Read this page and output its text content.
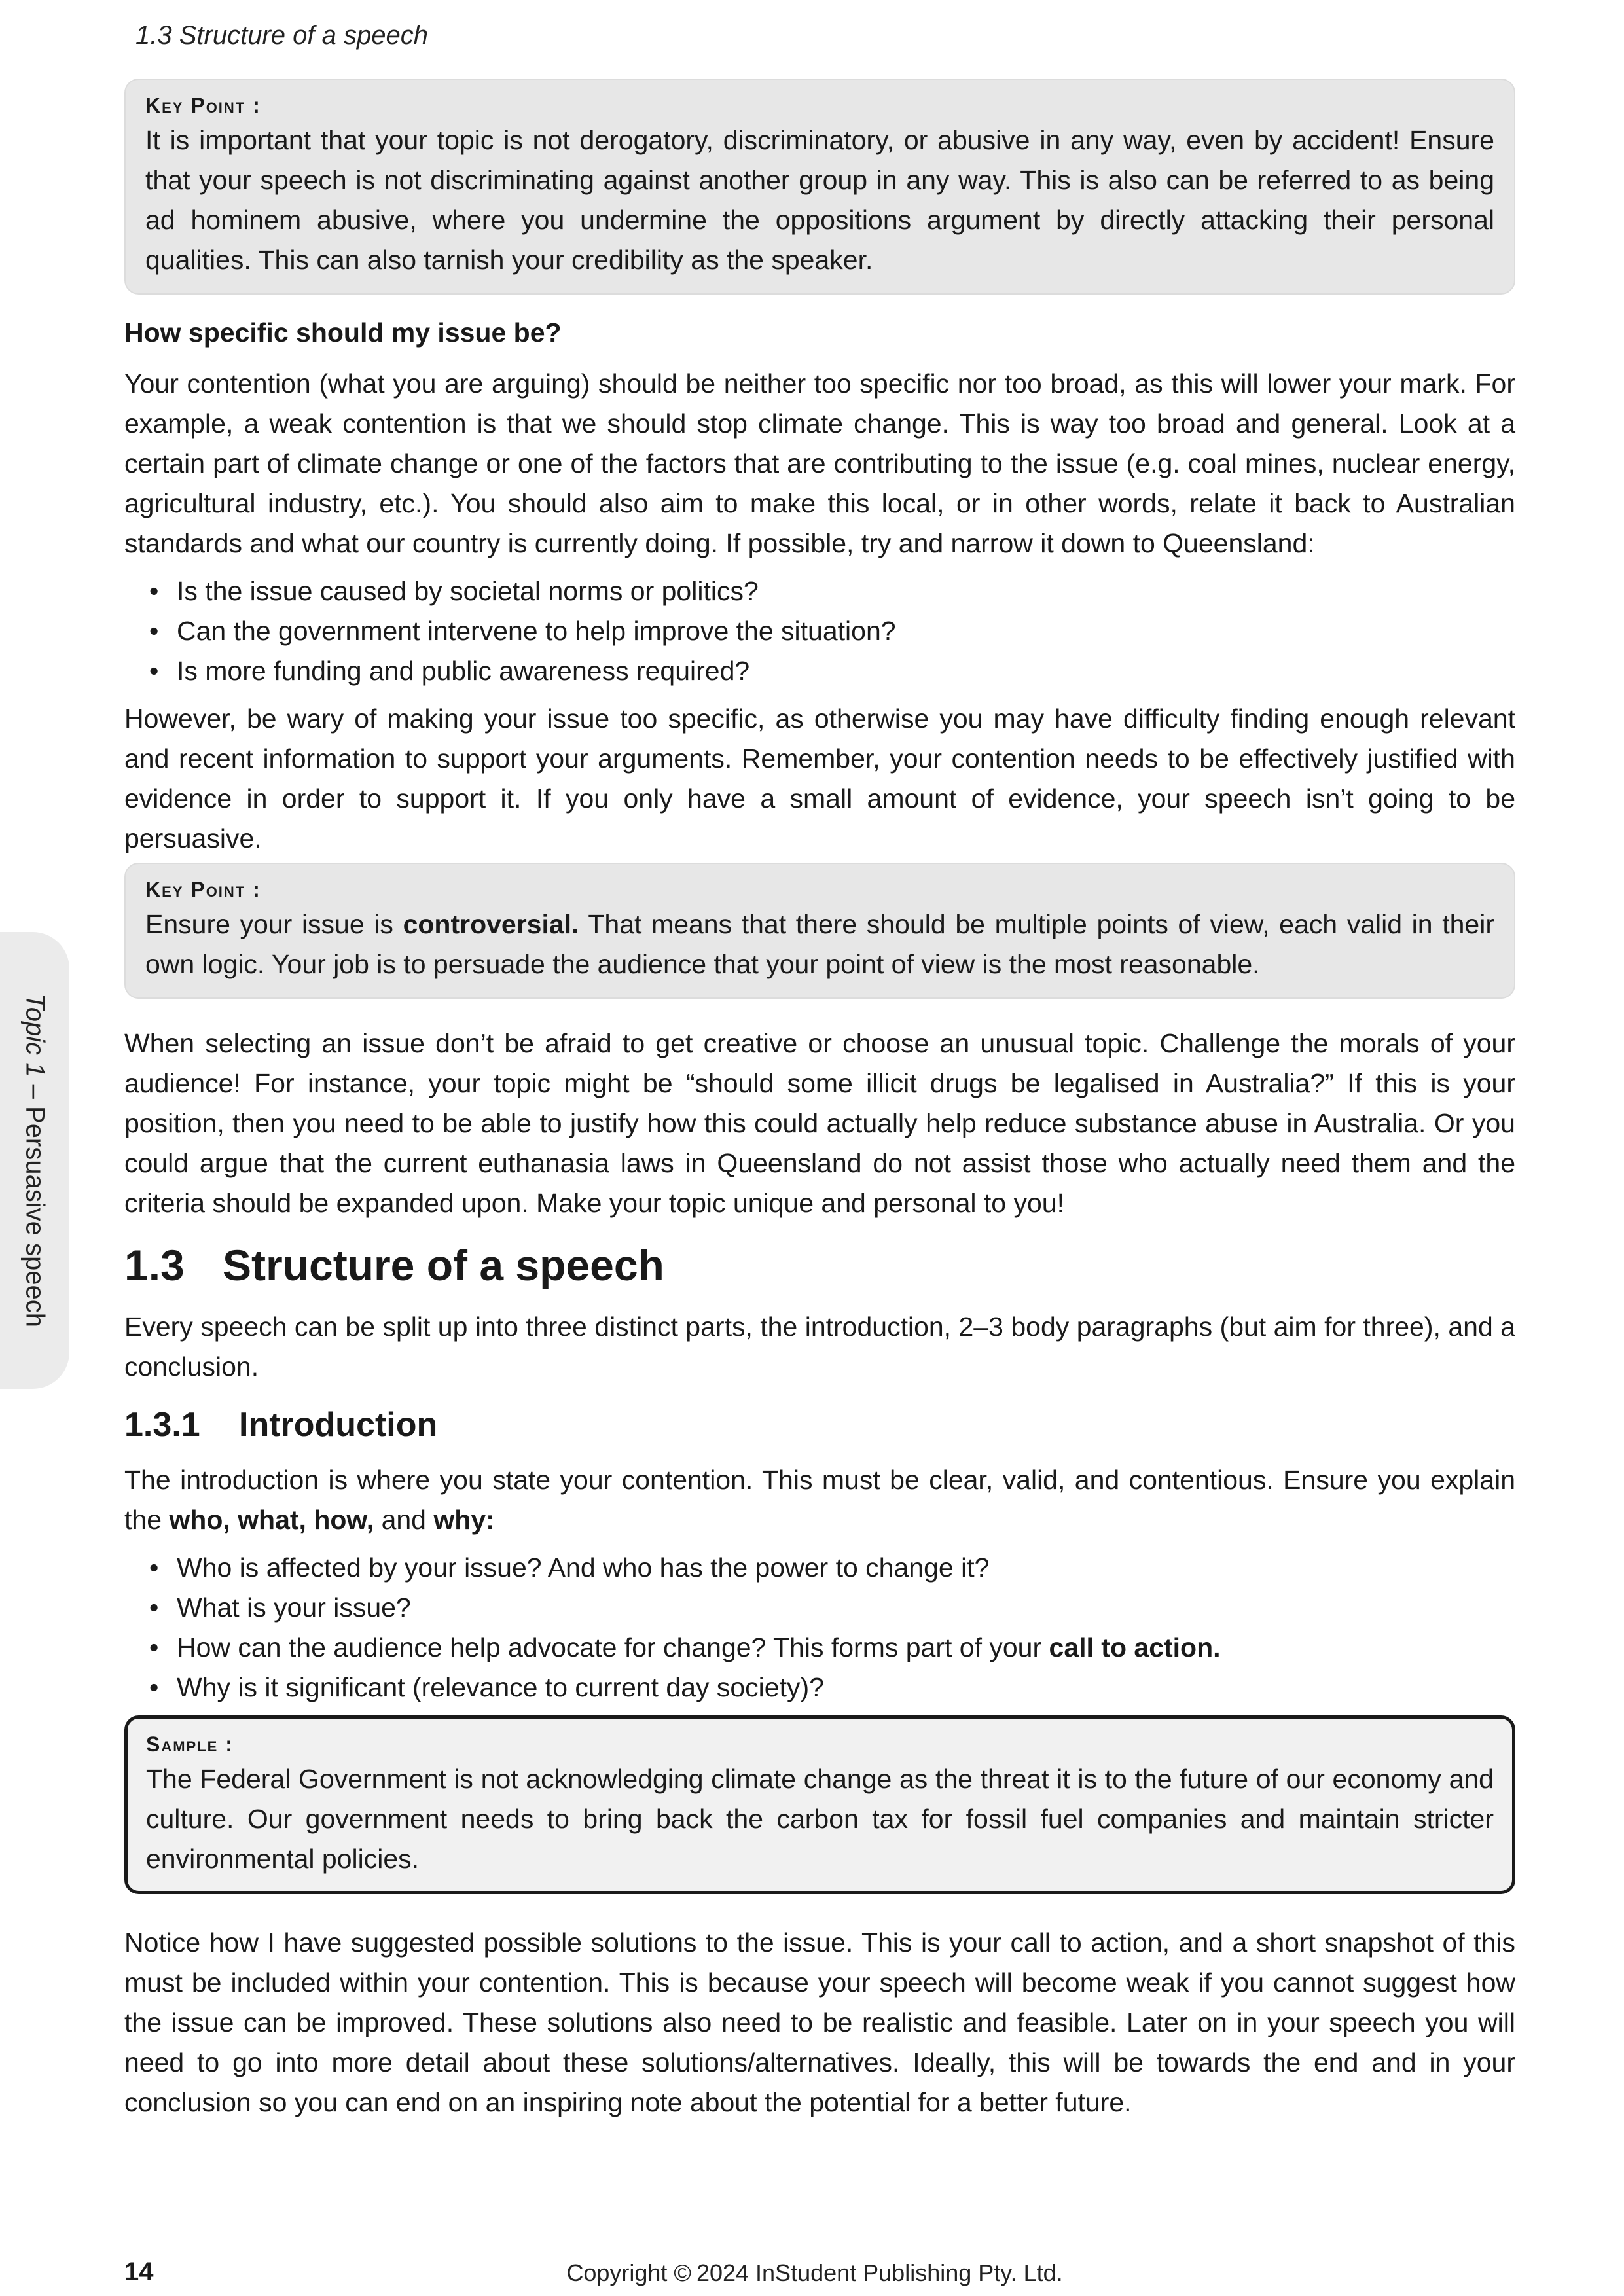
1.3 Structure of a speech
Topic 1 – Persuasive speech
Key Point :
It is important that your topic is not derogatory, discriminatory, or abusive in any way, even by accident! Ensure that your speech is not discriminating against another group in any way. This is also can be referred to as being ad hominem abusive, where you undermine the oppositions argument by directly attacking their personal qualities. This can also tarnish your credibility as the speaker.
How specific should my issue be?

Your contention (what you are arguing) should be neither too specific nor too broad, as this will lower your mark. For example, a weak contention is that we should stop climate change. This is way too broad and general. Look at a certain part of climate change or one of the factors that are contributing to the issue (e.g. coal mines, nuclear energy, agricultural industry, etc.). You should also aim to make this local, or in other words, relate it back to Australian standards and what our country is currently doing. If possible, try and narrow it down to Queensland:

• Is the issue caused by societal norms or politics?
• Can the government intervene to help improve the situation?
• Is more funding and public awareness required?

However, be wary of making your issue too specific, as otherwise you may have difficulty finding enough relevant and recent information to support your arguments. Remember, your contention needs to be effectively justified with evidence in order to support it. If you only have a small amount of evidence, your speech isn’t going to be persuasive.

Key Point :
Ensure your issue is controversial. That means that there should be multiple points of view, each valid in their own logic. Your job is to persuade the audience that your point of view is the most reasonable.

When selecting an issue don’t be afraid to get creative or choose an unusual topic. Challenge the morals of your audience! For instance, your topic might be “should some illicit drugs be legalised in Australia?” If this is your position, then you need to be able to justify how this could actually help reduce substance abuse in Australia. Or you could argue that the current euthanasia laws in Queensland do not assist those who actually need them and the criteria should be expanded upon. Make your topic unique and personal to you!

1.3 Structure of a speech

Every speech can be split up into three distinct parts, the introduction, 2–3 body paragraphs (but aim for three), and a conclusion.

1.3.1 Introduction

The introduction is where you state your contention. This must be clear, valid, and contentious. Ensure you explain the who, what, how, and why:

• Who is affected by your issue? And who has the power to change it?
• What is your issue?
• How can the audience help advocate for change? This forms part of your call to action.
• Why is it significant (relevance to current day society)?
Sample :
The Federal Government is not acknowledging climate change as the threat it is to the future of our economy and culture. Our government needs to bring back the carbon tax for fossil fuel companies and maintain stricter environmental policies.

Notice how I have suggested possible solutions to the issue. This is your call to action, and a short snapshot of this must be included within your contention. This is because your speech will become weak if you cannot suggest how the issue can be improved. These solutions also need to be realistic and feasible. Later on in your speech you will need to go into more detail about these solutions/alternatives. Ideally, this will be towards the end and in your conclusion so you can end on an inspiring note about the potential for a better future.

14	Copyright © 2024 InStudent Publishing Pty. Ltd.
